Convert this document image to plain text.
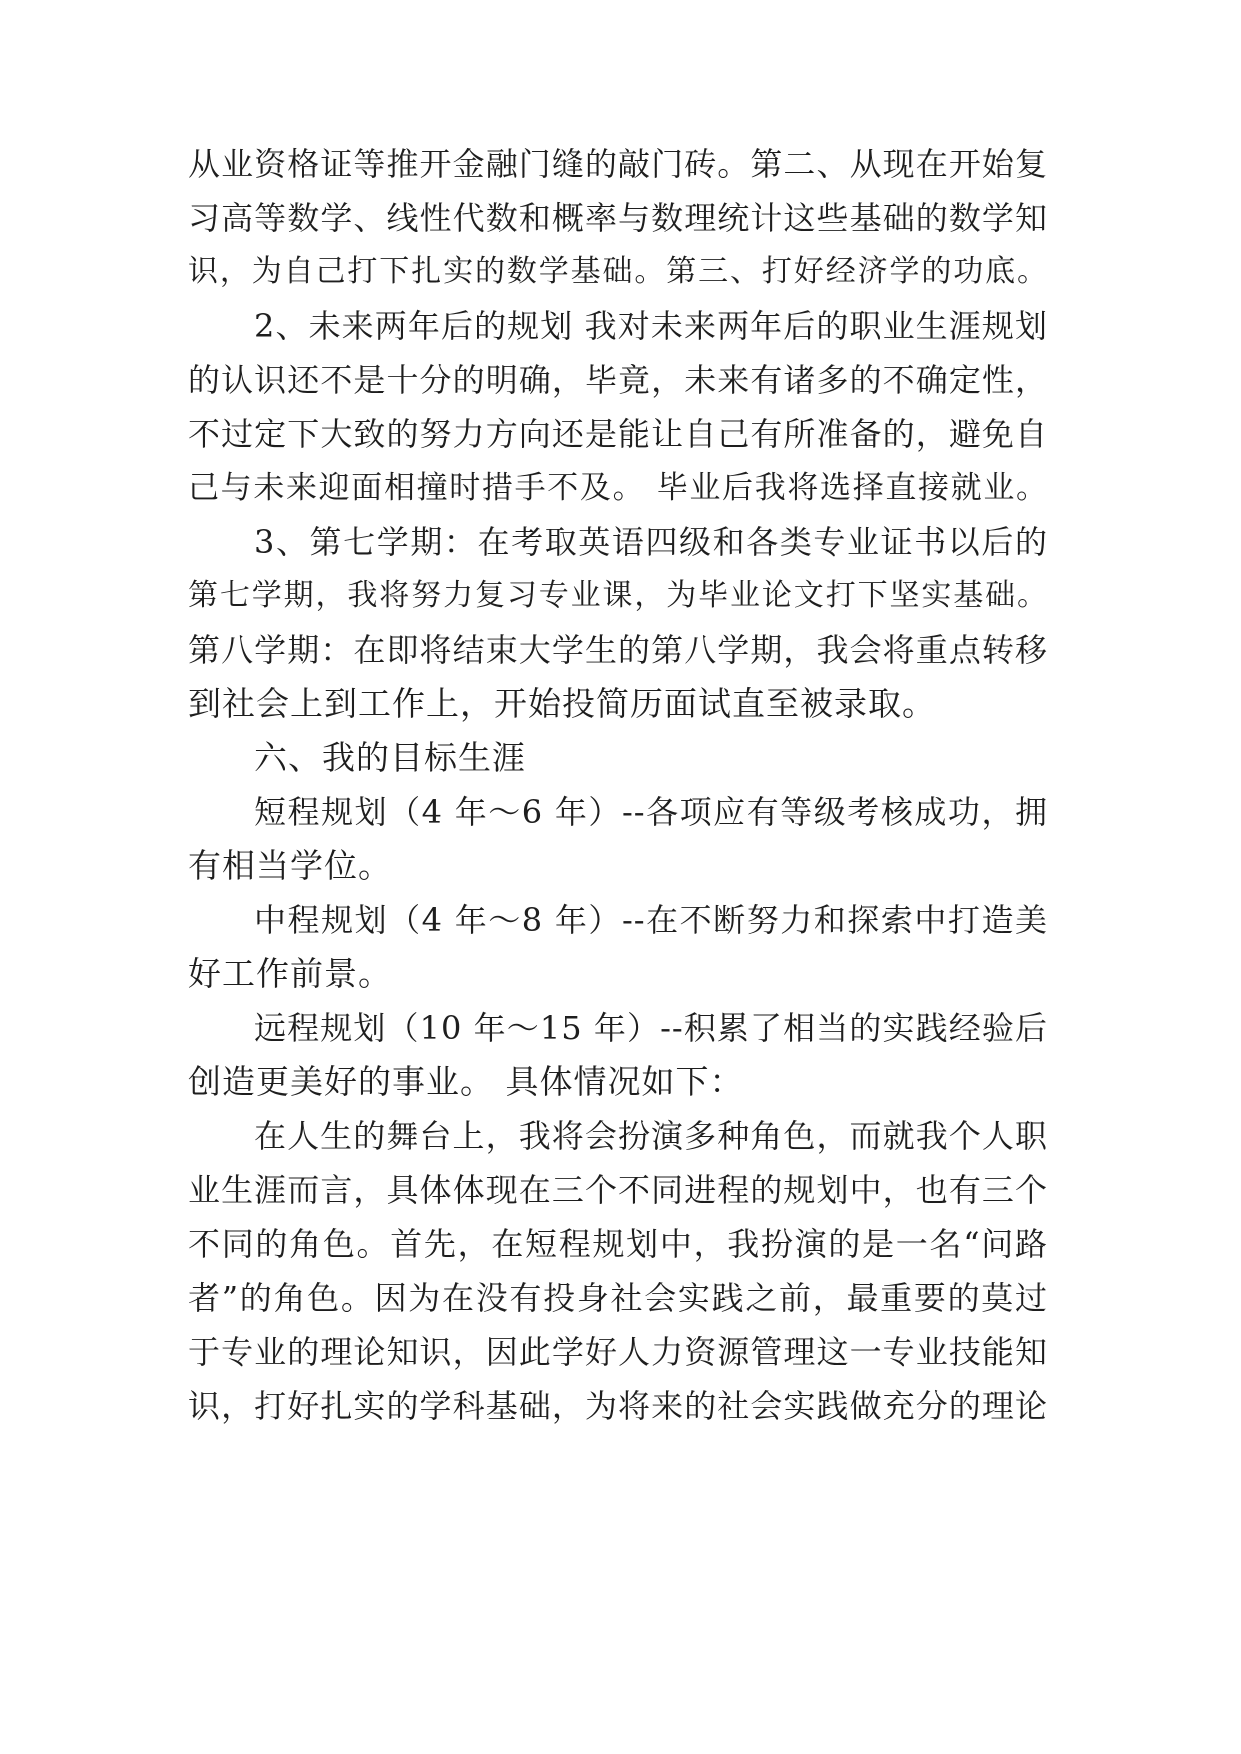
从业资格证等推开金融门缝的敲门砖。第二、从现在开始复
习高等数学、线性代数和概率与数理统计这些基础的数学知
识，为自己打下扎实的数学基础。第三、打好经济学的功底。
2、未来两年后的规划 我对未来两年后的职业生涯规划
的认识还不是十分的明确，毕竟，未来有诸多的不确定性，
不过定下大致的努力方向还是能让自己有所准备的，避免自
己与未来迎面相撞时措手不及。 毕业后我将选择直接就业。
3、第七学期：在考取英语四级和各类专业证书以后的
第七学期，我将努力复习专业课，为毕业论文打下坚实基础。
第八学期：在即将结束大学生的第八学期，我会将重点转移
到社会上到工作上，开始投简历面试直至被录取。
六、我的目标生涯
短程规划（4 年～6 年）--各项应有等级考核成功，拥
有相当学位。
中程规划（4 年～8 年）--在不断努力和探索中打造美
好工作前景。
远程规划（10 年～15 年）--积累了相当的实践经验后
创造更美好的事业。 具体情况如下：
在人生的舞台上，我将会扮演多种角色，而就我个人职
业生涯而言，具体体现在三个不同进程的规划中，也有三个
不同的角色。首先，在短程规划中，我扮演的是一名“问路
者”的角色。因为在没有投身社会实践之前，最重要的莫过
于专业的理论知识，因此学好人力资源管理这一专业技能知
识，打好扎实的学科基础，为将来的社会实践做充分的理论
